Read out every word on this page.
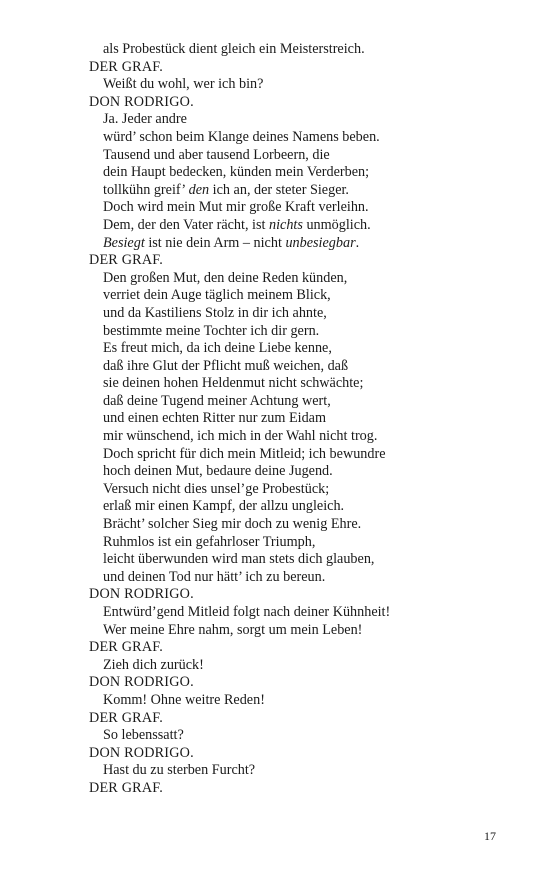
als Probestück dient gleich ein Meisterstreich.
DER GRAF.
Weißt du wohl, wer ich bin?
DON RODRIGO.
Ja. Jeder andre
würd’ schon beim Klange deines Namens beben.
Tausend und aber tausend Lorbeern, die
dein Haupt bedecken, künden mein Verderben;
tollkühn greif’ den ich an, der steter Sieger.
Doch wird mein Mut mir große Kraft verleihn.
Dem, der den Vater rächt, ist nichts unmöglich.
Besiegt ist nie dein Arm – nicht unbesiegbar.
DER GRAF.
Den großen Mut, den deine Reden künden,
verriet dein Auge täglich meinem Blick,
und da Kastiliens Stolz in dir ich ahnte,
bestimmte meine Tochter ich dir gern.
Es freut mich, da ich deine Liebe kenne,
daß ihre Glut der Pflicht muß weichen, daß
sie deinen hohen Heldenmut nicht schwächte;
daß deine Tugend meiner Achtung wert,
und einen echten Ritter nur zum Eidam
mir wünschend, ich mich in der Wahl nicht trog.
Doch spricht für dich mein Mitleid; ich bewundre
hoch deinen Mut, bedaure deine Jugend.
Versuch nicht dies unsel’ge Probestück;
erlaß mir einen Kampf, der allzu ungleich.
Brächt’ solcher Sieg mir doch zu wenig Ehre.
Ruhmlos ist ein gefahrloser Triumph,
leicht überwunden wird man stets dich glauben,
und deinen Tod nur hätt’ ich zu bereun.
DON RODRIGO.
Entwürd’gend Mitleid folgt nach deiner Kühnheit!
Wer meine Ehre nahm, sorgt um mein Leben!
DER GRAF.
Zieh dich zurück!
DON RODRIGO.
Komm! Ohne weitre Reden!
DER GRAF.
So lebenssatt?
DON RODRIGO.
Hast du zu sterben Furcht?
DER GRAF.
17
